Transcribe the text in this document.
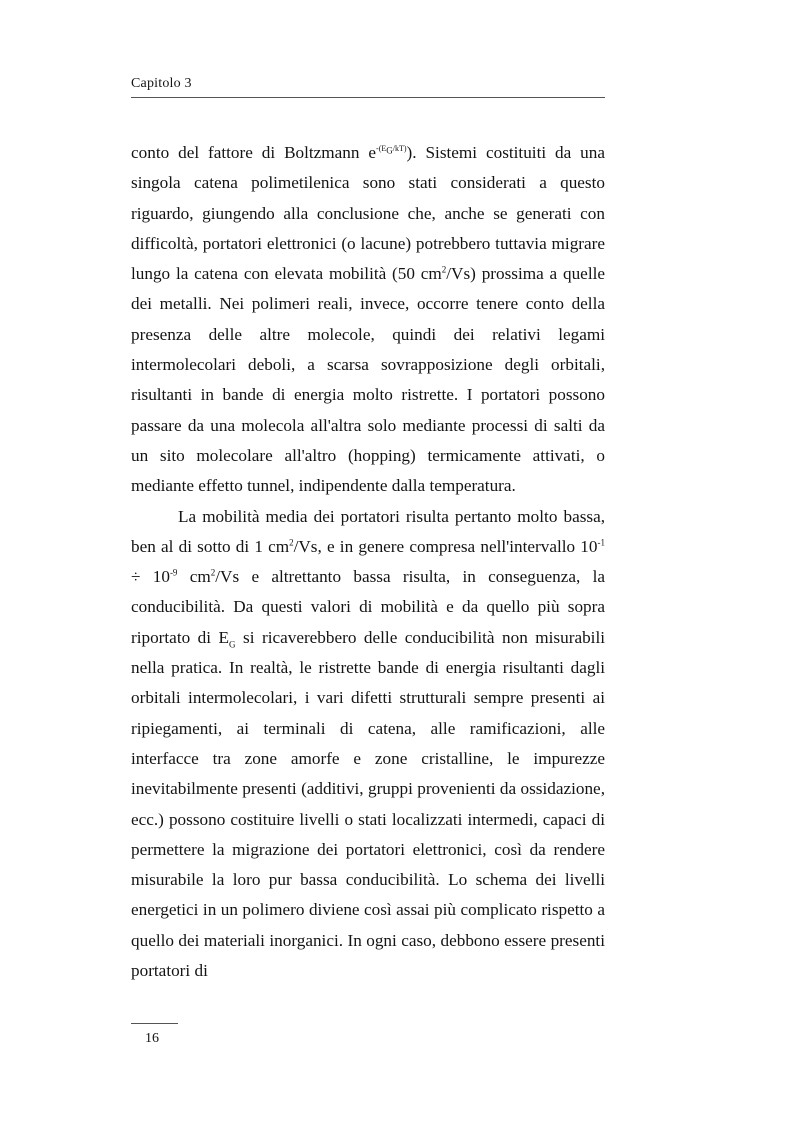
Capitolo 3

conto del fattore di Boltzmann $e^{-(E_G/kT)}$). Sistemi costituiti da una singola catena polimetilenica sono stati considerati a questo riguardo, giungendo alla conclusione che, anche se generati con difficoltà, portatori elettronici (o lacune) potrebbero tuttavia migrare lungo la catena con elevata mobilità (50 $cm^2/Vs$) prossima a quelle dei metalli. Nei polimeri reali, invece, occorre tenere conto della presenza delle altre molecole, quindi dei relativi legami intermolecolari deboli, a scarsa sovrapposizione degli orbitali, risultanti in bande di energia molto ristrette. I portatori possono passare da una molecola all'altra solo mediante processi di salti da un sito molecolare all'altro (hopping) termicamente attivati, o mediante effetto tunnel, indipendente dalla temperatura.

La mobilità media dei portatori risulta pertanto molto bassa, ben al di sotto di 1 $cm^2/Vs$, e in genere compresa nell'intervallo $10^{-1} \div 10^{-9}$ $cm^2/Vs$ e altrettanto bassa risulta, in conseguenza, la conducibilità. Da questi valori di mobilità e da quello più sopra riportato di $E_G$ si ricaverebbero delle conducibilità non misurabili nella pratica. In realtà, le ristrette bande di energia risultanti dagli orbitali intermolecolari, i vari difetti strutturali sempre presenti ai ripiegamenti, ai terminali di catena, alle ramificazioni, alle interfacce tra zone amorfe e zone cristalline, le impurezze inevitabilmente presenti (additivi, gruppi provenienti da ossidazione, ecc.) possono costituire livelli o stati localizzati intermedi, capaci di permettere la migrazione dei portatori elettronici, così da rendere misurabile la loro pur bassa conducibilità. Lo schema dei livelli energetici in un polimero diviene così assai più complicato rispetto a quello dei materiali inorganici. In ogni caso, debbono essere presenti portatori di

16
